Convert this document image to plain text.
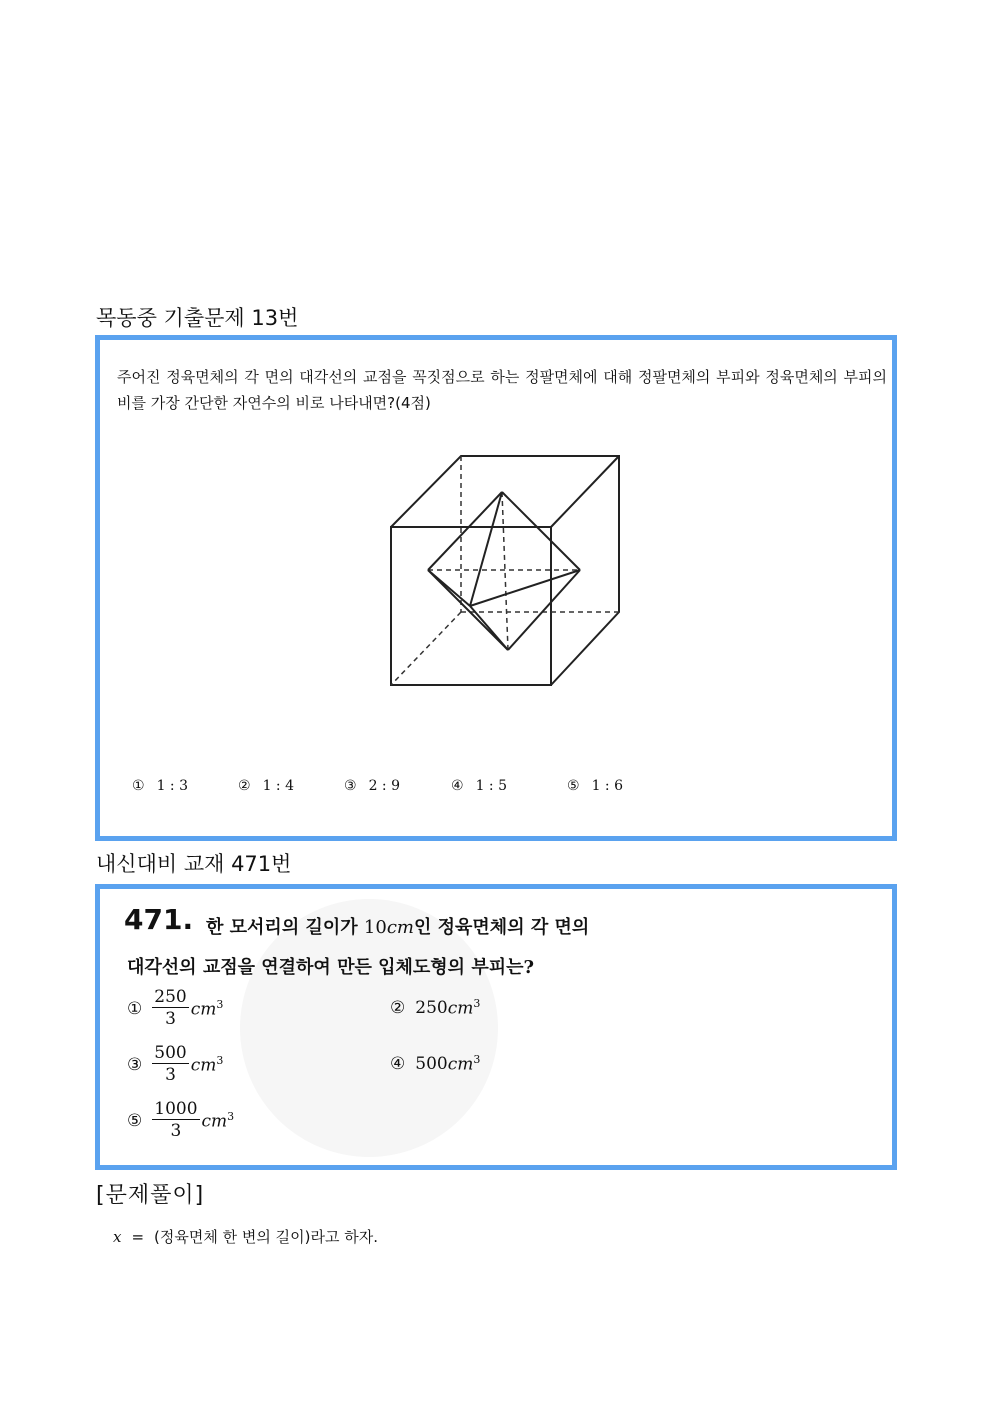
목동중 기출문제 13번
주어진 정육면체의 각 면의 대각선의 교점을 꼭짓점으로 하는 정팔면체에 대해 정팔면체의 부피와 정육면체의 부피의 비를 가장 간단한 자연수의 비로 나타내면?(4점)
① 1 : 3	② 1 : 4	③ 2 : 9	④ 1 : 5	⑤ 1 : 6
내신대비 교재 471번
471. 한 모서리의 길이가 10cm인 정육면체의 각 면의
대각선의 교점을 연결하여 만든 입체도형의 부피는?
① $\frac{250}{3} cm^3$	② 250 $cm^3$
③ $\frac{500}{3} cm^3$	④ 500 $cm^3$
⑤ $\frac{1000}{3} cm^3$
[문제풀이]
x = (정육면체 한 변의 길이)라고 하자.
